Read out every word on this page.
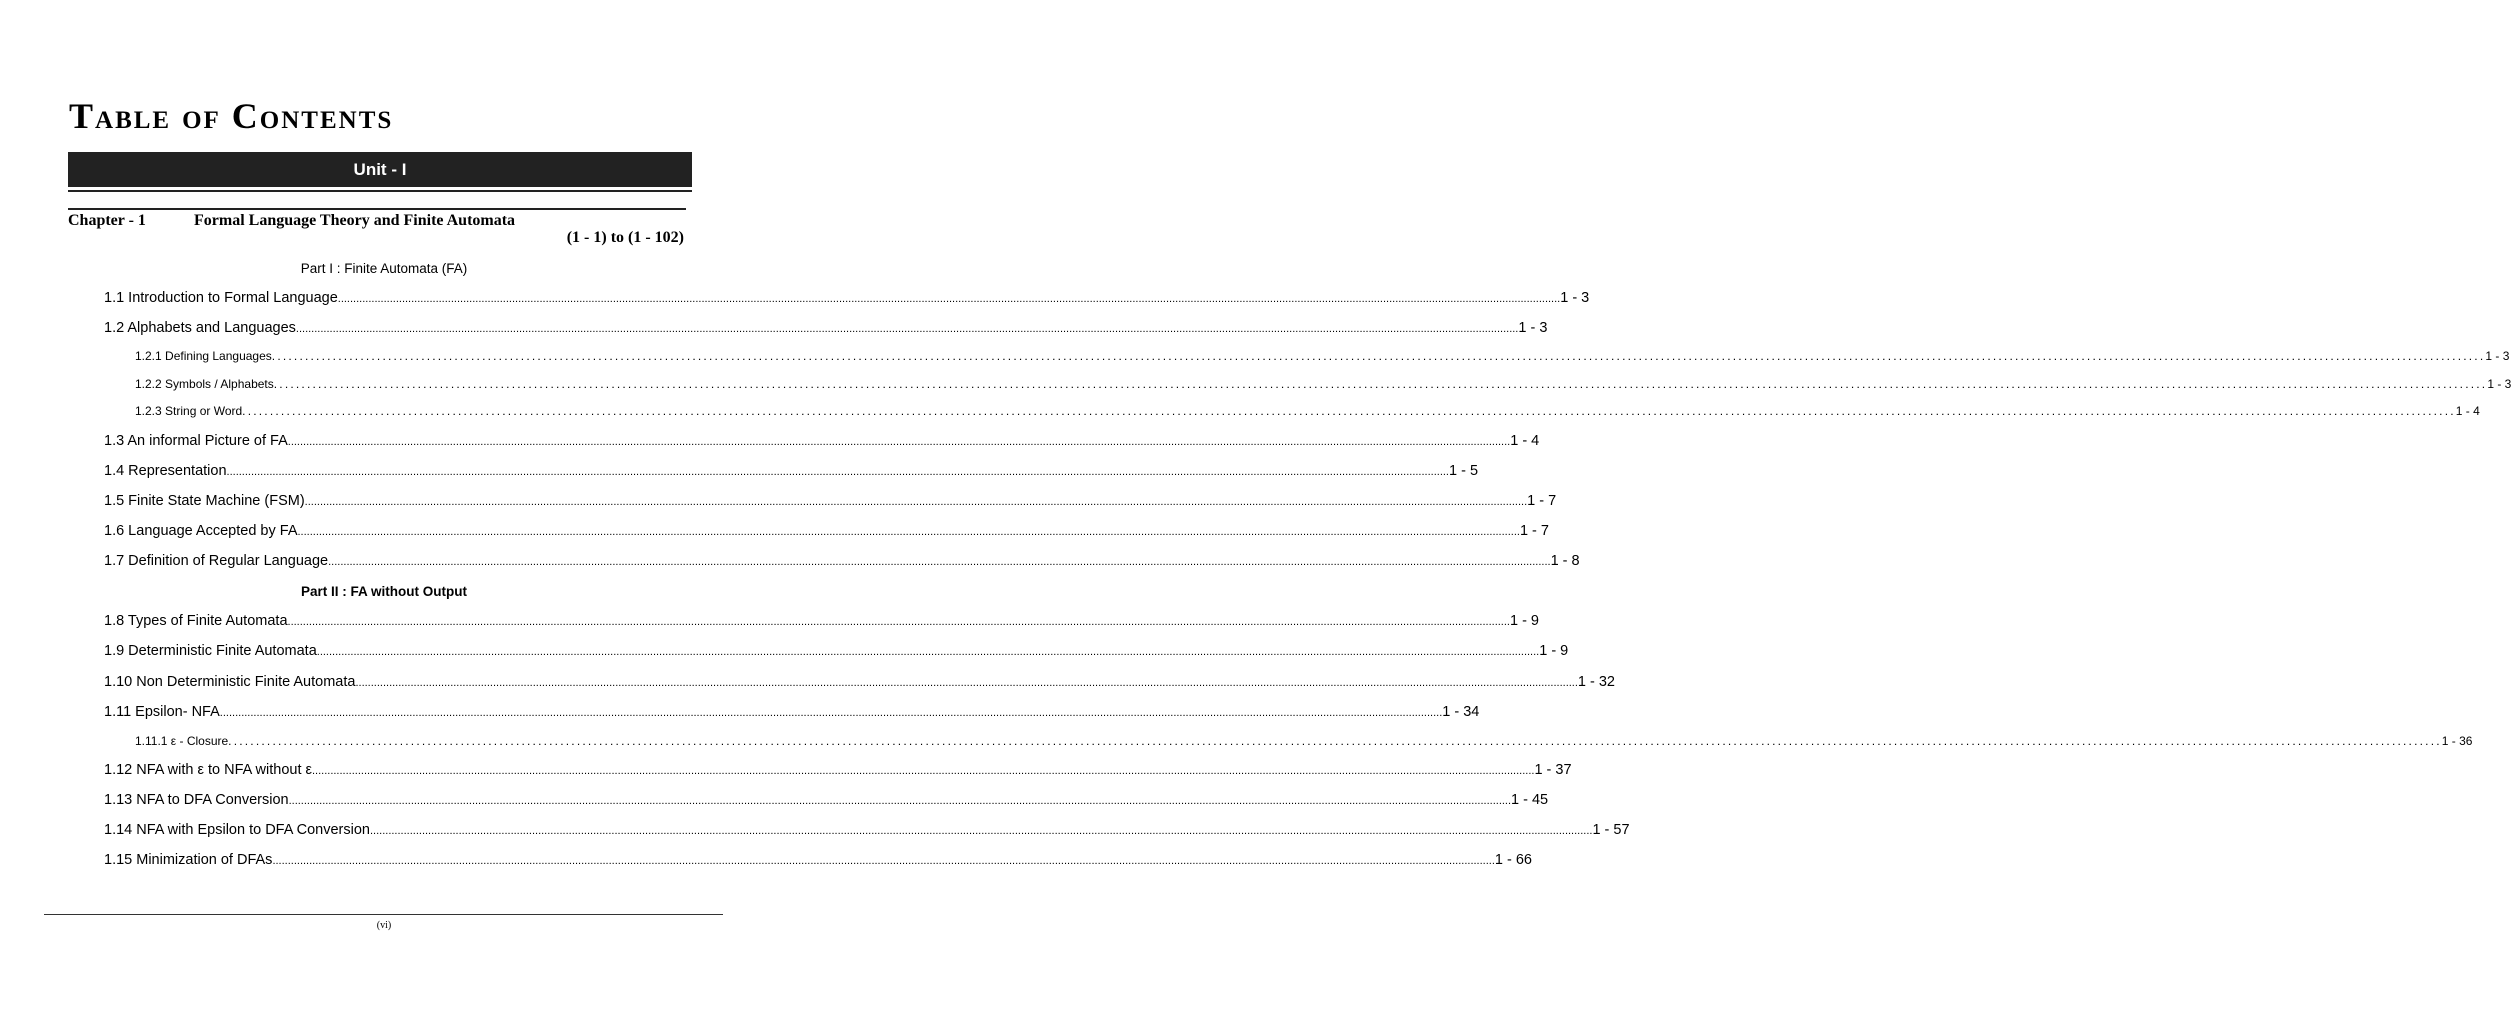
Table of Contents
Unit - I
Chapter - 1	Formal Language Theory and Finite Automata
(1 - 1) to (1 - 102)
Part I : Finite Automata (FA)
1.1 Introduction to Formal Language ................................................................................................................................................................................................................................................................................................................................................................................................................ 1 - 3
1.2 Alphabets and Languages ................................................................................................................................................................................................................................................................................................................................................................................................................ 1 - 3
1.2.1 Defining Languages ................................................................................................................................................................................................................................................................................................................................................................................................................ 1 - 3
1.2.2 Symbols / Alphabets ................................................................................................................................................................................................................................................................................................................................................................................................................ 1 - 3
1.2.3 String or Word ................................................................................................................................................................................................................................................................................................................................................................................................................ 1 - 4
1.3 An informal Picture of FA ................................................................................................................................................................................................................................................................................................................................................................................................................ 1 - 4
1.4 Representation ................................................................................................................................................................................................................................................................................................................................................................................................................ 1 - 5
1.5 Finite State Machine (FSM) ................................................................................................................................................................................................................................................................................................................................................................................................................ 1 - 7
1.6 Language Accepted by FA ................................................................................................................................................................................................................................................................................................................................................................................................................ 1 - 7
1.7 Definition of Regular Language ................................................................................................................................................................................................................................................................................................................................................................................................................ 1 - 8
Part II : FA without Output
1.8 Types of Finite Automata ................................................................................................................................................................................................................................................................................................................................................................................................................ 1 - 9
1.9 Deterministic Finite Automata ................................................................................................................................................................................................................................................................................................................................................................................................................ 1 - 9
1.10 Non Deterministic Finite Automata ................................................................................................................................................................................................................................................................................................................................................................................................................ 1 - 32
1.11 Epsilon- NFA ................................................................................................................................................................................................................................................................................................................................................................................................................ 1 - 34
1.11.1 ε - Closure ................................................................................................................................................................................................................................................................................................................................................................................................................ 1 - 36
1.12 NFA with ε to NFA without ε ................................................................................................................................................................................................................................................................................................................................................................................................................ 1 - 37
1.13 NFA to DFA Conversion ................................................................................................................................................................................................................................................................................................................................................................................................................ 1 - 45
1.14 NFA with Epsilon to DFA Conversion ................................................................................................................................................................................................................................................................................................................................................................................................................ 1 - 57
1.15 Minimization of DFAs ................................................................................................................................................................................................................................................................................................................................................................................................................ 1 - 66
(vi)
